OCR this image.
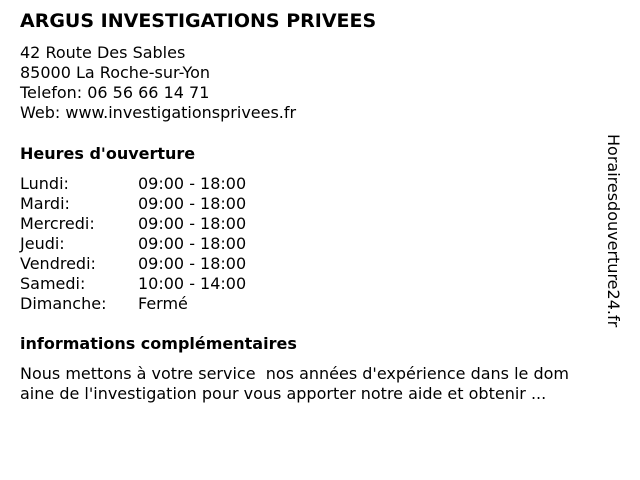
ARGUS INVESTIGATIONS PRIVEES
42 Route Des Sables
85000 La Roche-sur-Yon
Telefon: 06 56 66 14 71
Web: www.investigationsprivees.fr
Heures d'ouverture
Lundi:	09:00 - 18:00
Mardi:	09:00 - 18:00
Mercredi:	09:00 - 18:00
Jeudi:	09:00 - 18:00
Vendredi:	09:00 - 18:00
Samedi:	10:00 - 14:00
Dimanche: Fermé
informations complémentaires
Nous mettons à votre service  nos années d'expérience dans le dom
aine de l'investigation pour vous apporter notre aide et obtenir ...
Horairesdouverture24.fr
